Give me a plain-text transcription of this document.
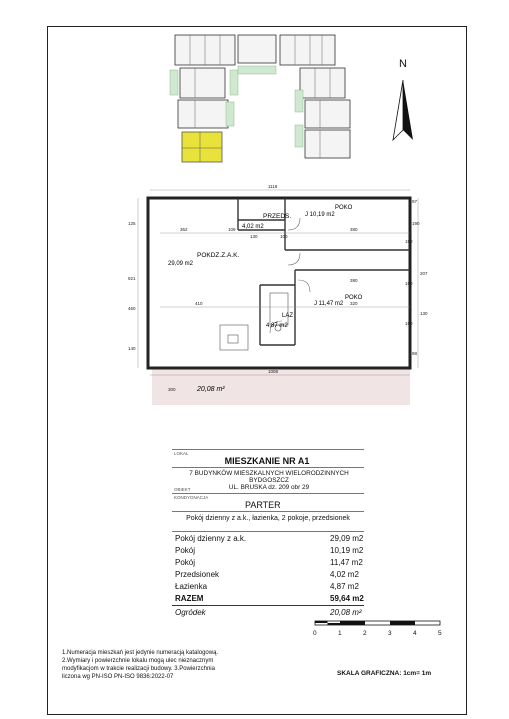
N
PRZEDS.
4,02 m2
POKO
J 10,19 m2
POKDZ.Z.A.K.
29,09 m2
POKO
J 11,47 m2
LAZ
4,87 m2
362	109
130	100
380
380
410	320
1008
1118
921
460
190
150
150
150
207
130
125
140
97
98
300	20,08 m²
LOKAL
MIESZKANIE NR A1
7 BUDYNKÓW MIESZKALNYCH WIELORODZINNYCH BYDGOSZCZ
UL. BRUSKA dz. 209 obr 29
OBIEKT
KONDYGNACJA
PARTER
Pokój dzienny z a.k., łazienka, 2 pokoje, przedsionek
Pokój dzienny z a.k.	29,09 m2
Pokój	10,19 m2
Pokój	11,47 m2
Przedsionek	4,02 m2
Łazienka	4,87 m2
RAZEM	59,64 m2
Ogródek	20,08 m²
1.Numeracja mieszkań jest jedynie numeracją katalogową.
2.Wymiary i powierzchnie lokalu mogą ulec nieznacznym
modyfikacjom w trakcie realizacji budowy. 3.Powierzchnia
liczona wg PN-ISO PN-ISO 9836:2022-07
0	1	2	3	4	5
SKALA GRAFICZNA: 1cm= 1m
